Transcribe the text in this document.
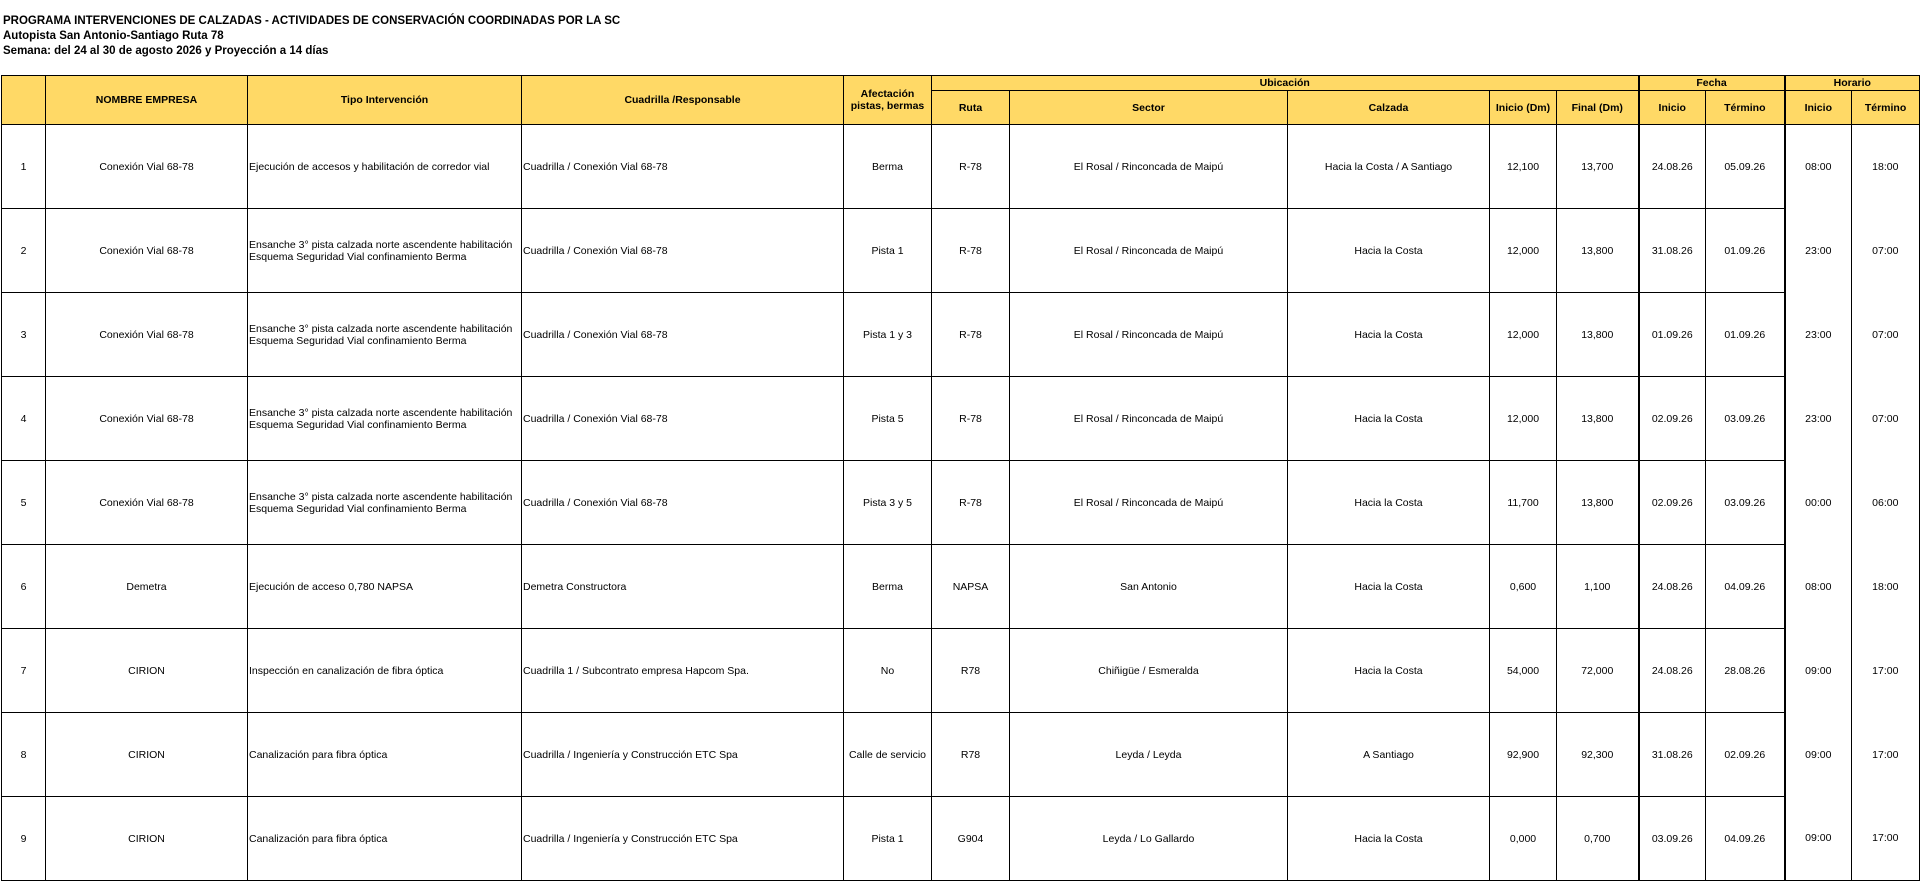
PROGRAMA INTERVENCIONES DE CALZADAS - ACTIVIDADES DE CONSERVACIÓN COORDINADAS POR LA SC
Autopista San Antonio-Santiago Ruta 78
Semana: del 24 al 30 de agosto 2026 y Proyección a 14 días
	NOMBRE EMPRESA	Tipo Intervención	Cuadrilla /Responsable	Afectación pistas, bermas	Ubicación					Fecha		Horario	
					Ruta	Sector	Calzada	Inicio (Dm)	Final (Dm)	Inicio	Término	Inicio	Término
1	Conexión Vial 68-78	Ejecución de accesos y habilitación de corredor vial	Cuadrilla / Conexión Vial 68-78	Berma	R-78	El Rosal / Rinconcada de Maipú	Hacia la Costa / A Santiago	12,100	13,700	24.08.26	05.09.26	08:00	18:00
2	Conexión Vial 68-78	Ensanche 3° pista calzada norte ascendente habilitación Esquema Seguridad Vial confinamiento Berma	Cuadrilla / Conexión Vial 68-78	Pista 1	R-78	El Rosal / Rinconcada de Maipú	Hacia la Costa	12,000	13,800	31.08.26	01.09.26	23:00	07:00
3	Conexión Vial 68-78	Ensanche 3° pista calzada norte ascendente habilitación Esquema Seguridad Vial confinamiento Berma	Cuadrilla / Conexión Vial 68-78	Pista 1 y 3	R-78	El Rosal / Rinconcada de Maipú	Hacia la Costa	12,000	13,800	01.09.26	01.09.26	23:00	07:00
4	Conexión Vial 68-78	Ensanche 3° pista calzada norte ascendente habilitación Esquema Seguridad Vial confinamiento Berma	Cuadrilla / Conexión Vial 68-78	Pista 5	R-78	El Rosal / Rinconcada de Maipú	Hacia la Costa	12,000	13,800	02.09.26	03.09.26	23:00	07:00
5	Conexión Vial 68-78	Ensanche 3° pista calzada norte ascendente habilitación Esquema Seguridad Vial confinamiento Berma	Cuadrilla / Conexión Vial 68-78	Pista 3 y 5	R-78	El Rosal / Rinconcada de Maipú	Hacia la Costa	11,700	13,800	02.09.26	03.09.26	00:00	06:00
6	Demetra	Ejecución de acceso 0,780 NAPSA	Demetra Constructora	Berma	NAPSA	San Antonio	Hacia la Costa	0,600	1,100	24.08.26	04.09.26	08:00	18:00
7	CIRION	Inspección en canalización de fibra óptica	Cuadrilla 1 / Subcontrato empresa Hapcom Spa.	No	R78	Chiñigüe / Esmeralda	Hacia la Costa	54,000	72,000	24.08.26	28.08.26	09:00	17:00
8	CIRION	Canalización para fibra óptica	Cuadrilla / Ingeniería y Construcción ETC Spa	Calle de servicio	R78	Leyda / Leyda	A Santiago	92,900	92,300	31.08.26	02.09.26	09:00	17:00
9	CIRION	Canalización para fibra óptica	Cuadrilla / Ingeniería y Construcción ETC Spa	Pista 1	G904	Leyda / Lo Gallardo	Hacia la Costa	0,000	0,700	03.09.26	04.09.26	09:00	17:00
